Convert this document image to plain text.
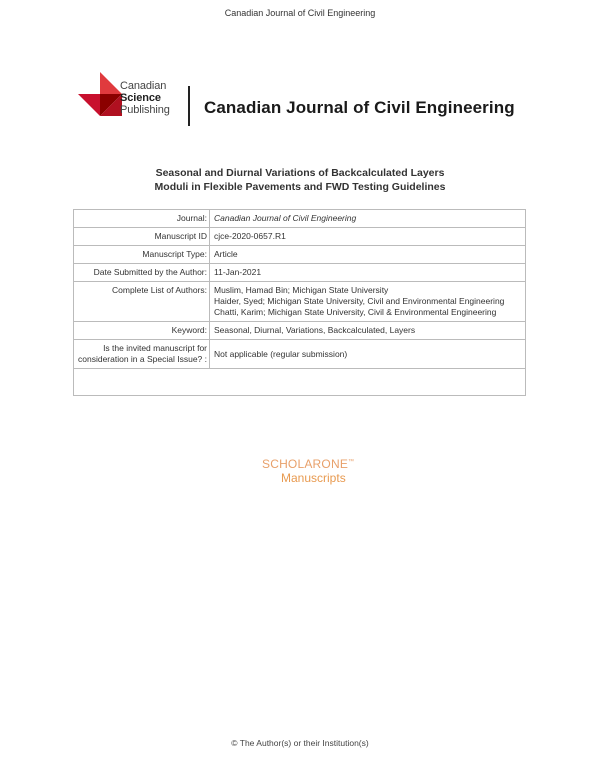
Canadian Journal of Civil Engineering
Canadian
Science
Publishing Canadian Journal of Civil Engineering
Seasonal and Diurnal Variations of Backcalculated Layers
Moduli in Flexible Pavements and FWD Testing Guidelines
Journal:	Canadian Journal of Civil Engineering
Manuscript ID	cjce-2020-0657.R1
Manuscript Type:	Article
Date Submitted by the Author:	11-Jan-2021
Complete List of Authors:	Muslim, Hamad Bin; Michigan State University
Haider, Syed; Michigan State University, Civil and Environmental Engineering
Chatti, Karim; Michigan State University, Civil & Environmental Engineering

Keyword:	Seasonal, Diurnal, Variations, Backcalculated, Layers
Is the invited manuscript for consideration in a Special Issue? :	Not applicable (regular submission)

SCHOLARONE™
Manuscripts
© The Author(s) or their Institution(s)
